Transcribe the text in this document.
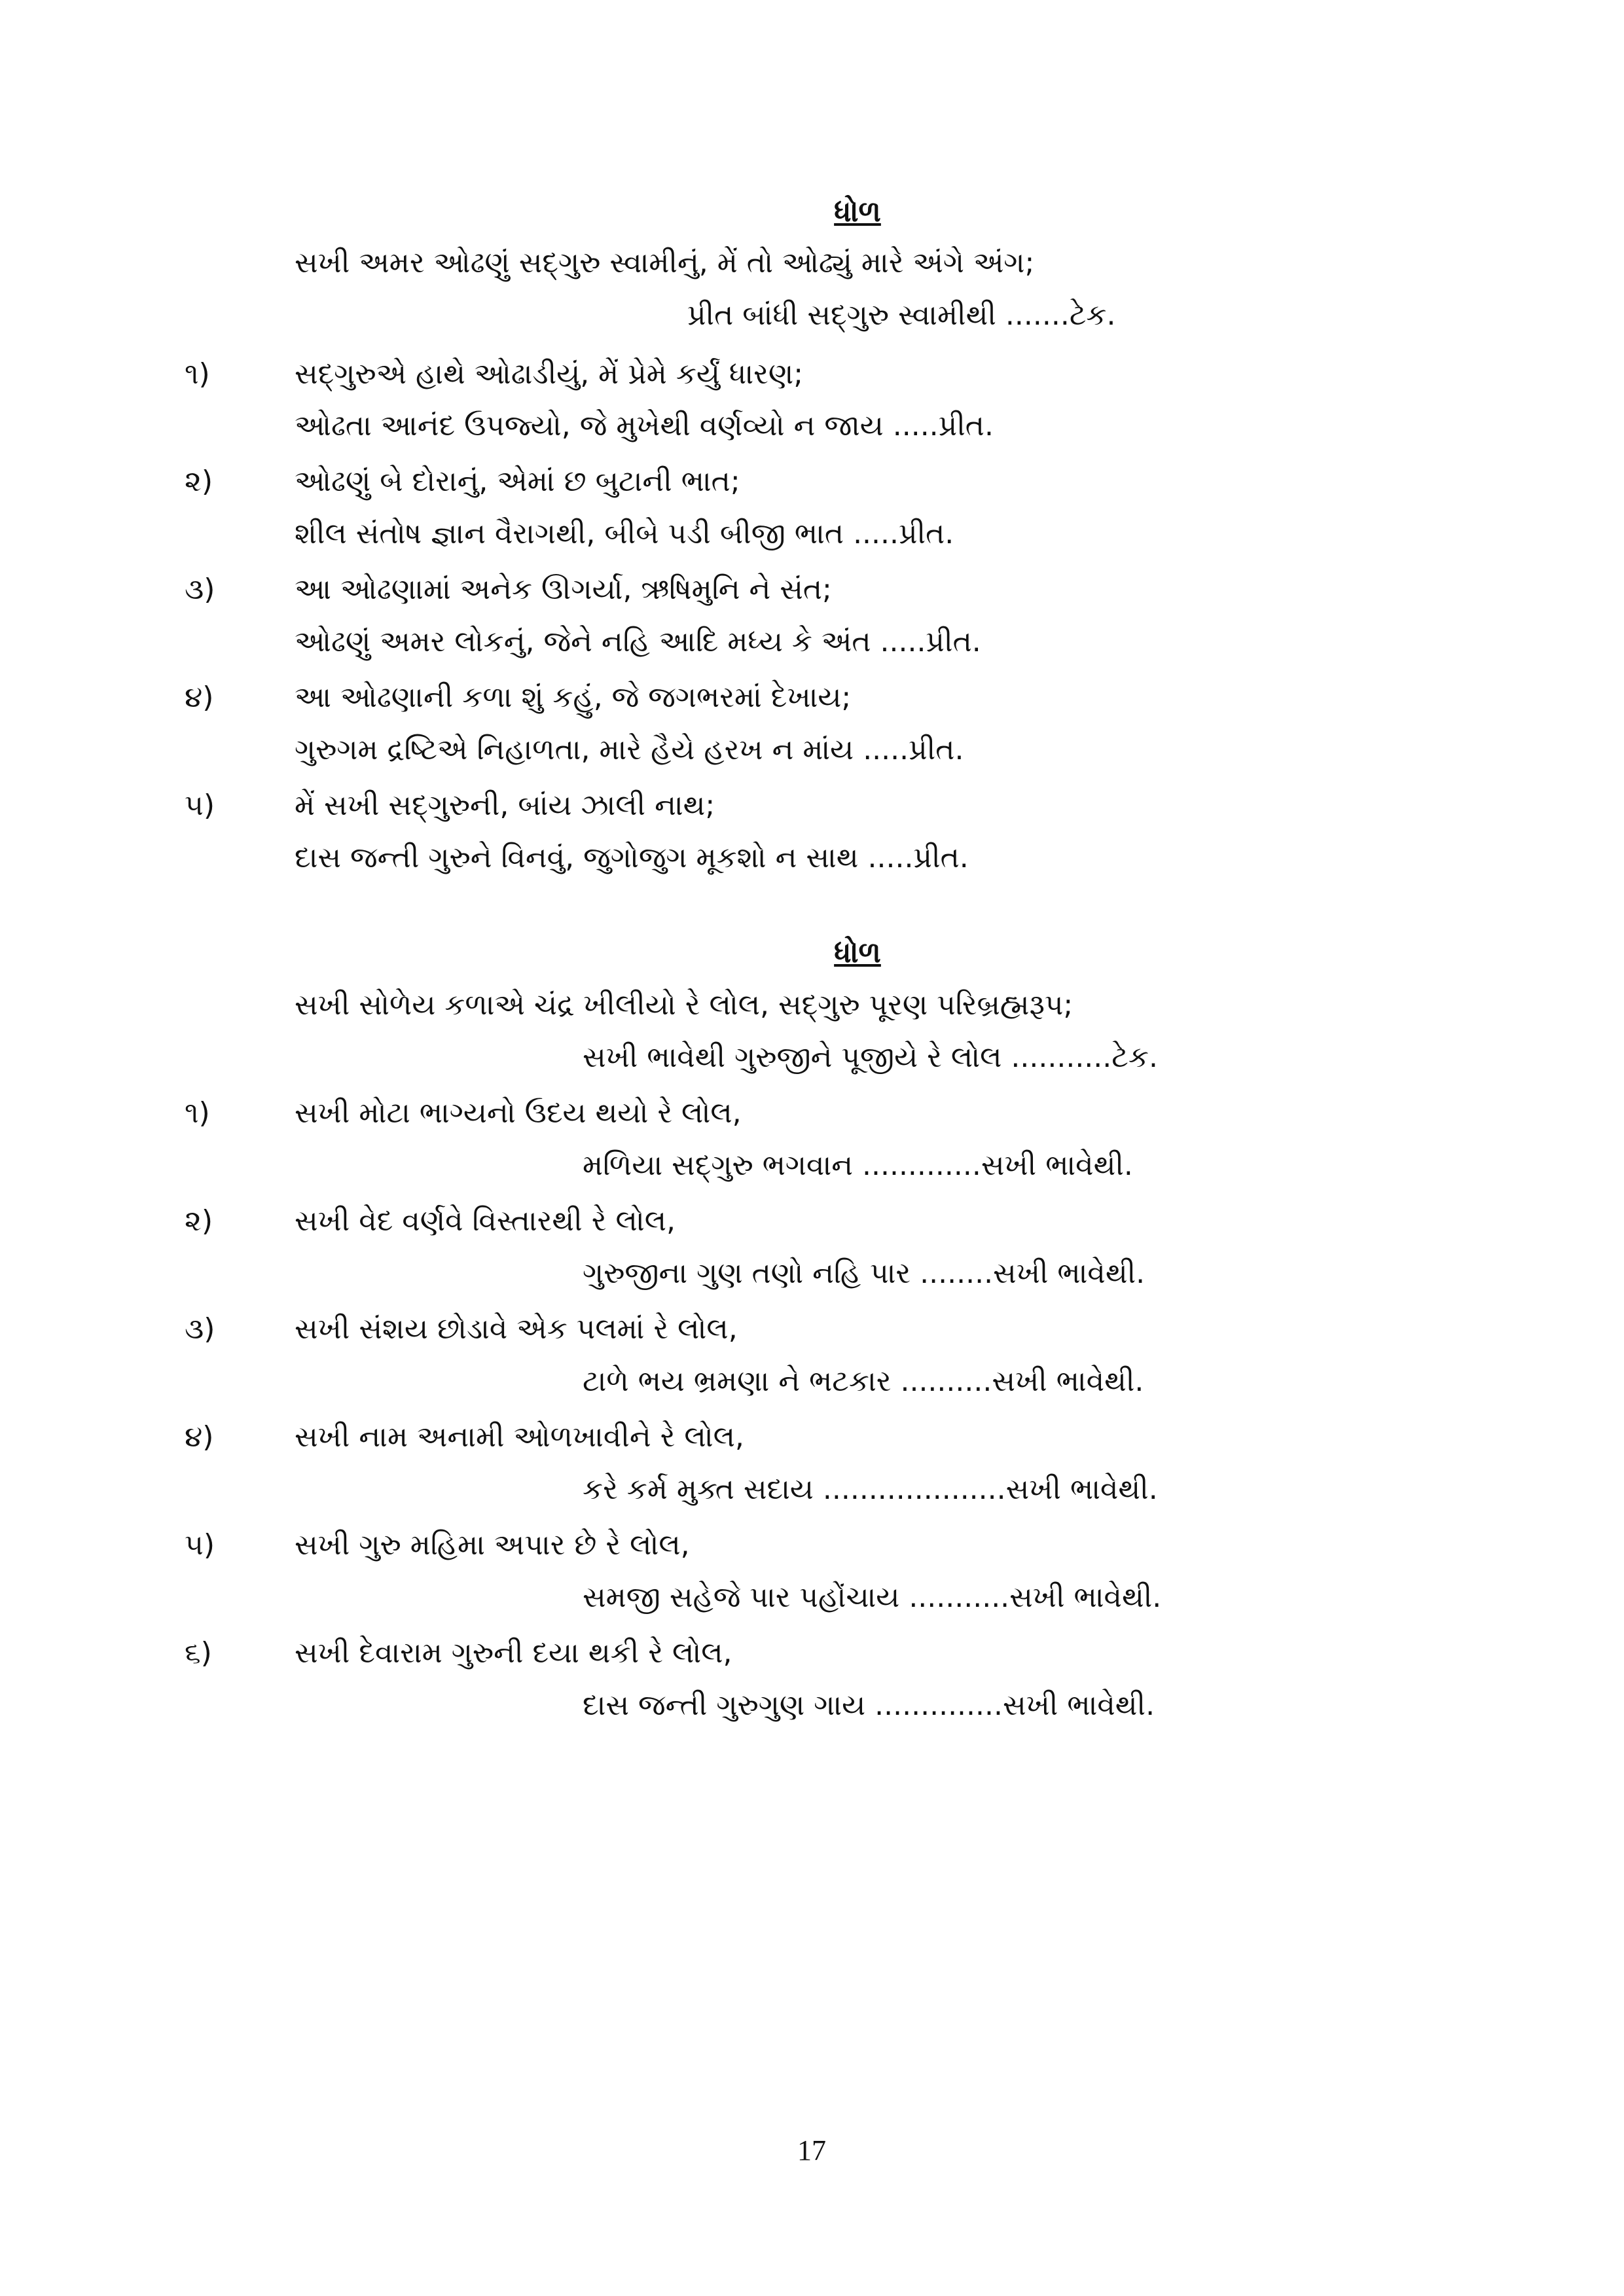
ધોળ
સખી અમર ઓઢણું સદ્‌ગુરુ સ્વામીનું, મેં તો ઓઢ્યું મારે અંગે અંગ;
પ્રીત બાંધી સદ્‌ગુરુ સ્વામીથી .......ટેક.
૧)	સદ્‌ગુરુએ હાથે ઓઢાડીયું, મેં પ્રેમે કર્યું ધારણ;
ઓઢતા આનંદ ઉપજ્યો, જે મુખેથી વર્ણવ્યો ન જાય .....પ્રીત.
૨)	ઓઢણું બે દોરાનું, એમાં છ બુટાની ભાત;
શીલ સંતોષ જ્ઞાન વૈરાગથી, બીબે પડી બીજી ભાત .....પ્રીત.
૩)	આ ઓઢણામાં અનેક ઊગર્યા, ઋષિમુનિ ને સંત;
ઓઢણું અમર લોકનું, જેને નહિ આદિ મધ્ય કે અંત .....પ્રીત.
૪)	આ ઓઢણાની કળા શું કહું, જે જગભરમાં દેખાય;
ગુરુગમ દ્રષ્ટિએ નિહાળતા, મારે હૈયે હરખ ન માંય .....પ્રીત.
૫)	મેં સખી સદ્‌ગુરુની, બાંય ઝાલી નાથ;
દાસ જન્તી ગુરુને વિનવું, જુગોજુગ મૂકશો ન સાથ .....પ્રીત.
ધોળ
સખી સોળેય કળાએ ચંદ્ર ખીલીયો રે લોલ, સદ્‌ગુરુ પૂરણ પરિબ્રહ્મરૂપ;
સખી ભાવેથી ગુરુજીને પૂજીયે રે લોલ ...........ટેક.
૧)	સખી મોટા ભાગ્યનો ઉદય થયો રે લોલ,
મળિયા સદ્‌ગુરુ ભગવાન .............સખી ભાવેથી.
૨)	સખી વેદ વર્ણવે વિસ્તારથી રે લોલ,
ગુરુજીના ગુણ તણો નહિ પાર ........સખી ભાવેથી.
૩)	સખી સંશય છોડાવે એક પલમાં રે લોલ,
ટાળે ભય ભ્રમણા ને ભટકાર ..........સખી ભાવેથી.
૪)	સખી નામ અનામી ઓળખાવીને રે લોલ,
કરે કર્મ મુક્ત સદાય ....................સખી ભાવેથી.
૫)	સખી ગુરુ મહિમા અપાર છે રે લોલ,
સમજી સહેજે પાર પહોંચાય ...........સખી ભાવેથી.
૬)	સખી દેવારામ ગુરુની દયા થકી રે લોલ,
દાસ જન્તી ગુરુગુણ ગાય ..............સખી ભાવેથી.
17
